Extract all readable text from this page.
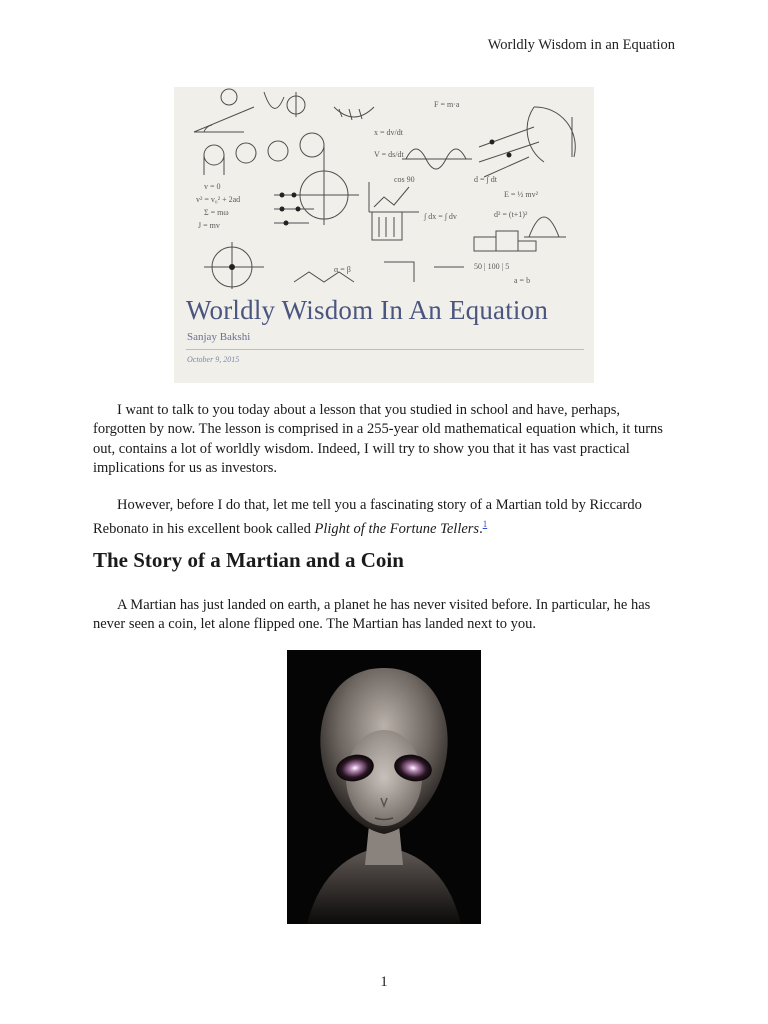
Worldly Wisdom in an Equation
v = 0
v² = v₀² + 2ad
Σ = mω
J = mv
x = dv/dt
V = ds/dt
d = ∫ dt
E = ½ mv²
∫ dx = ∫ dv	d² = (t+1)²
F = m·a
cos 90
50 | 100 | 5
a = b
α = β
Worldly Wisdom In An Equation
Sanjay Bakshi
October 9, 2015

I want to talk to you today about a lesson that you studied in school and have, perhaps, forgotten by now. The lesson is comprised in a 255-year old mathematical equation which, it turns out, contains a lot of worldly wisdom. Indeed, I will try to show you that it has vast practical implications for us as investors.

However, before I do that, let me tell you a fascinating story of a Martian told by Riccardo Rebonato in his excellent book called Plight of the Fortune Tellers.$^1$

The Story of a Martian and a Coin

A Martian has just landed on earth, a planet he has never visited before. In particular, he has never seen a coin, let alone flipped one. The Martian has landed next to you.

1
